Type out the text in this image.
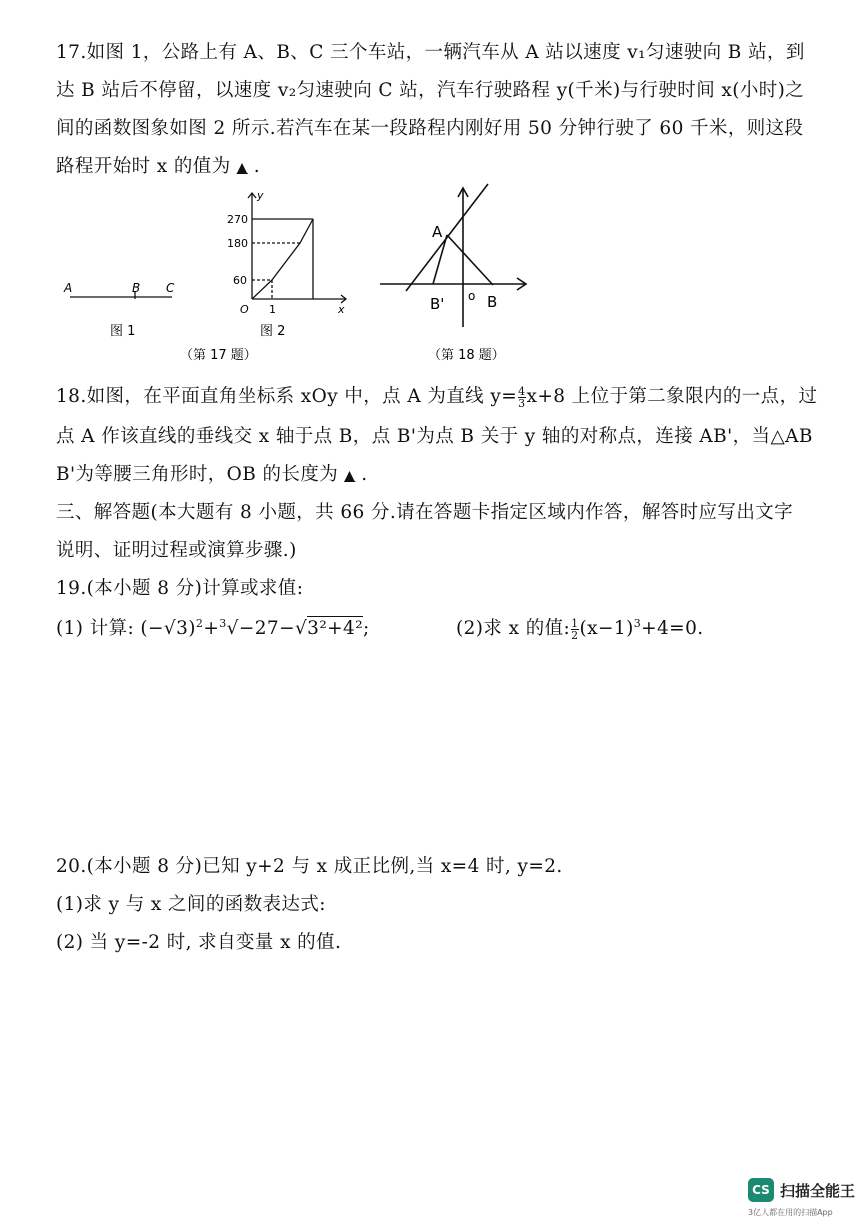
17.如图 1，公路上有 A、B、C 三个车站，一辆汽车从 A 站以速度 v₁匀速驶向 B 站，到
达 B 站后不停留，以速度 v₂匀速驶向 C 站，汽车行驶路程 y(千米)与行驶时间 x(小时)之
间的函数图象如图 2 所示.若汽车在某一段路程内刚好用 50 分钟行驶了 60 千米，则这段
路程开始时 x 的值为 ▲ .
A	B C
图 1
y
x
O
270
180
60
1
图 2
A
B' o B
（第 17 题）	（第 18 题）
18.如图，在平面直角坐标系 xOy 中，点 A 为直线 $y= \frac{4}{3} x+8$ 上位于第二象限内的一点，过
点 A 作该直线的垂线交 x 轴于点 B，点 B'为点 B 关于 y 轴的对称点，连接 AB'，当△AB
B'为等腰三角形时，OB 的长度为 ▲ .
三、解答题(本大题有 8 小题，共 66 分.请在答题卡指定区域内作答，解答时应写出文字
说明、证明过程或演算步骤.)
19.(本小题 8 分)计算或求值:
(1) 计算: $(-√3)^2+^3√-27-√3^2+4^2$;	(2)求 x 的值: $\frac{1}{2} (x-1)^3+4=0$.
20.(本小题 8 分)已知 y+2 与 x 成正比例,当 x=4 时, y=2.
(1)求 y 与 x 之间的函数表达式:
(2) 当 y=-2 时, 求自变量 x 的值.
CS 扫描全能王
3亿人都在用的扫描App
